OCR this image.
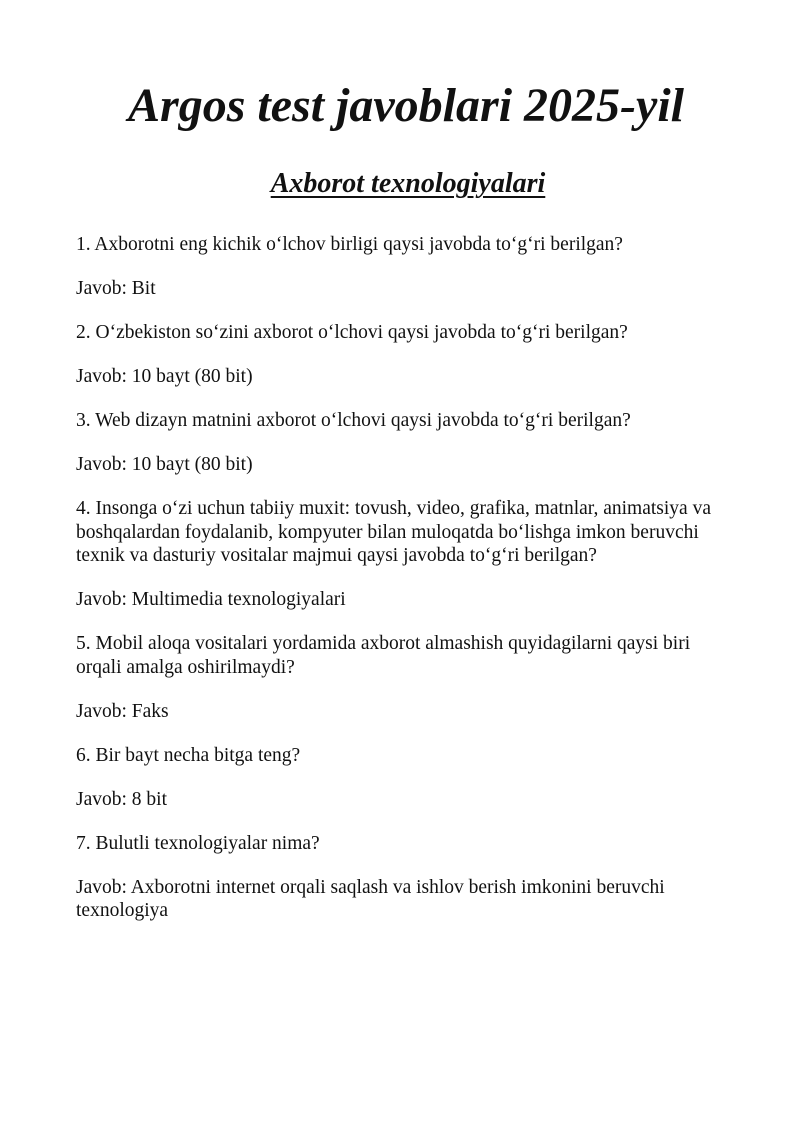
Argos test javoblari 2025-yil
Axborot texnologiyalari

1. Axborotni eng kichik o‘lchov birligi qaysi javobda to‘g‘ri berilgan?

Javob: Bit

2. O‘zbekiston so‘zini axborot o‘lchovi qaysi javobda to‘g‘ri berilgan?

Javob: 10 bayt (80 bit)

3. Web dizayn matnini axborot o‘lchovi qaysi javobda to‘g‘ri berilgan?

Javob: 10 bayt (80 bit)

4. Insonga o‘zi uchun tabiiy muxit: tovush, video, grafika, matnlar, animatsiya va boshqalardan foydalanib, kompyuter bilan muloqatda bo‘lishga imkon beruvchi texnik va dasturiy vositalar majmui qaysi javobda to‘g‘ri berilgan?

Javob: Multimedia texnologiyalari

5. Mobil aloqa vositalari yordamida axborot almashish quyidagilarni qaysi biri orqali amalga oshirilmaydi?

Javob: Faks

6. Bir bayt necha bitga teng?

Javob: 8 bit

7. Bulutli texnologiyalar nima?

Javob: Axborotni internet orqali saqlash va ishlov berish imkonini beruvchi texnologiya
